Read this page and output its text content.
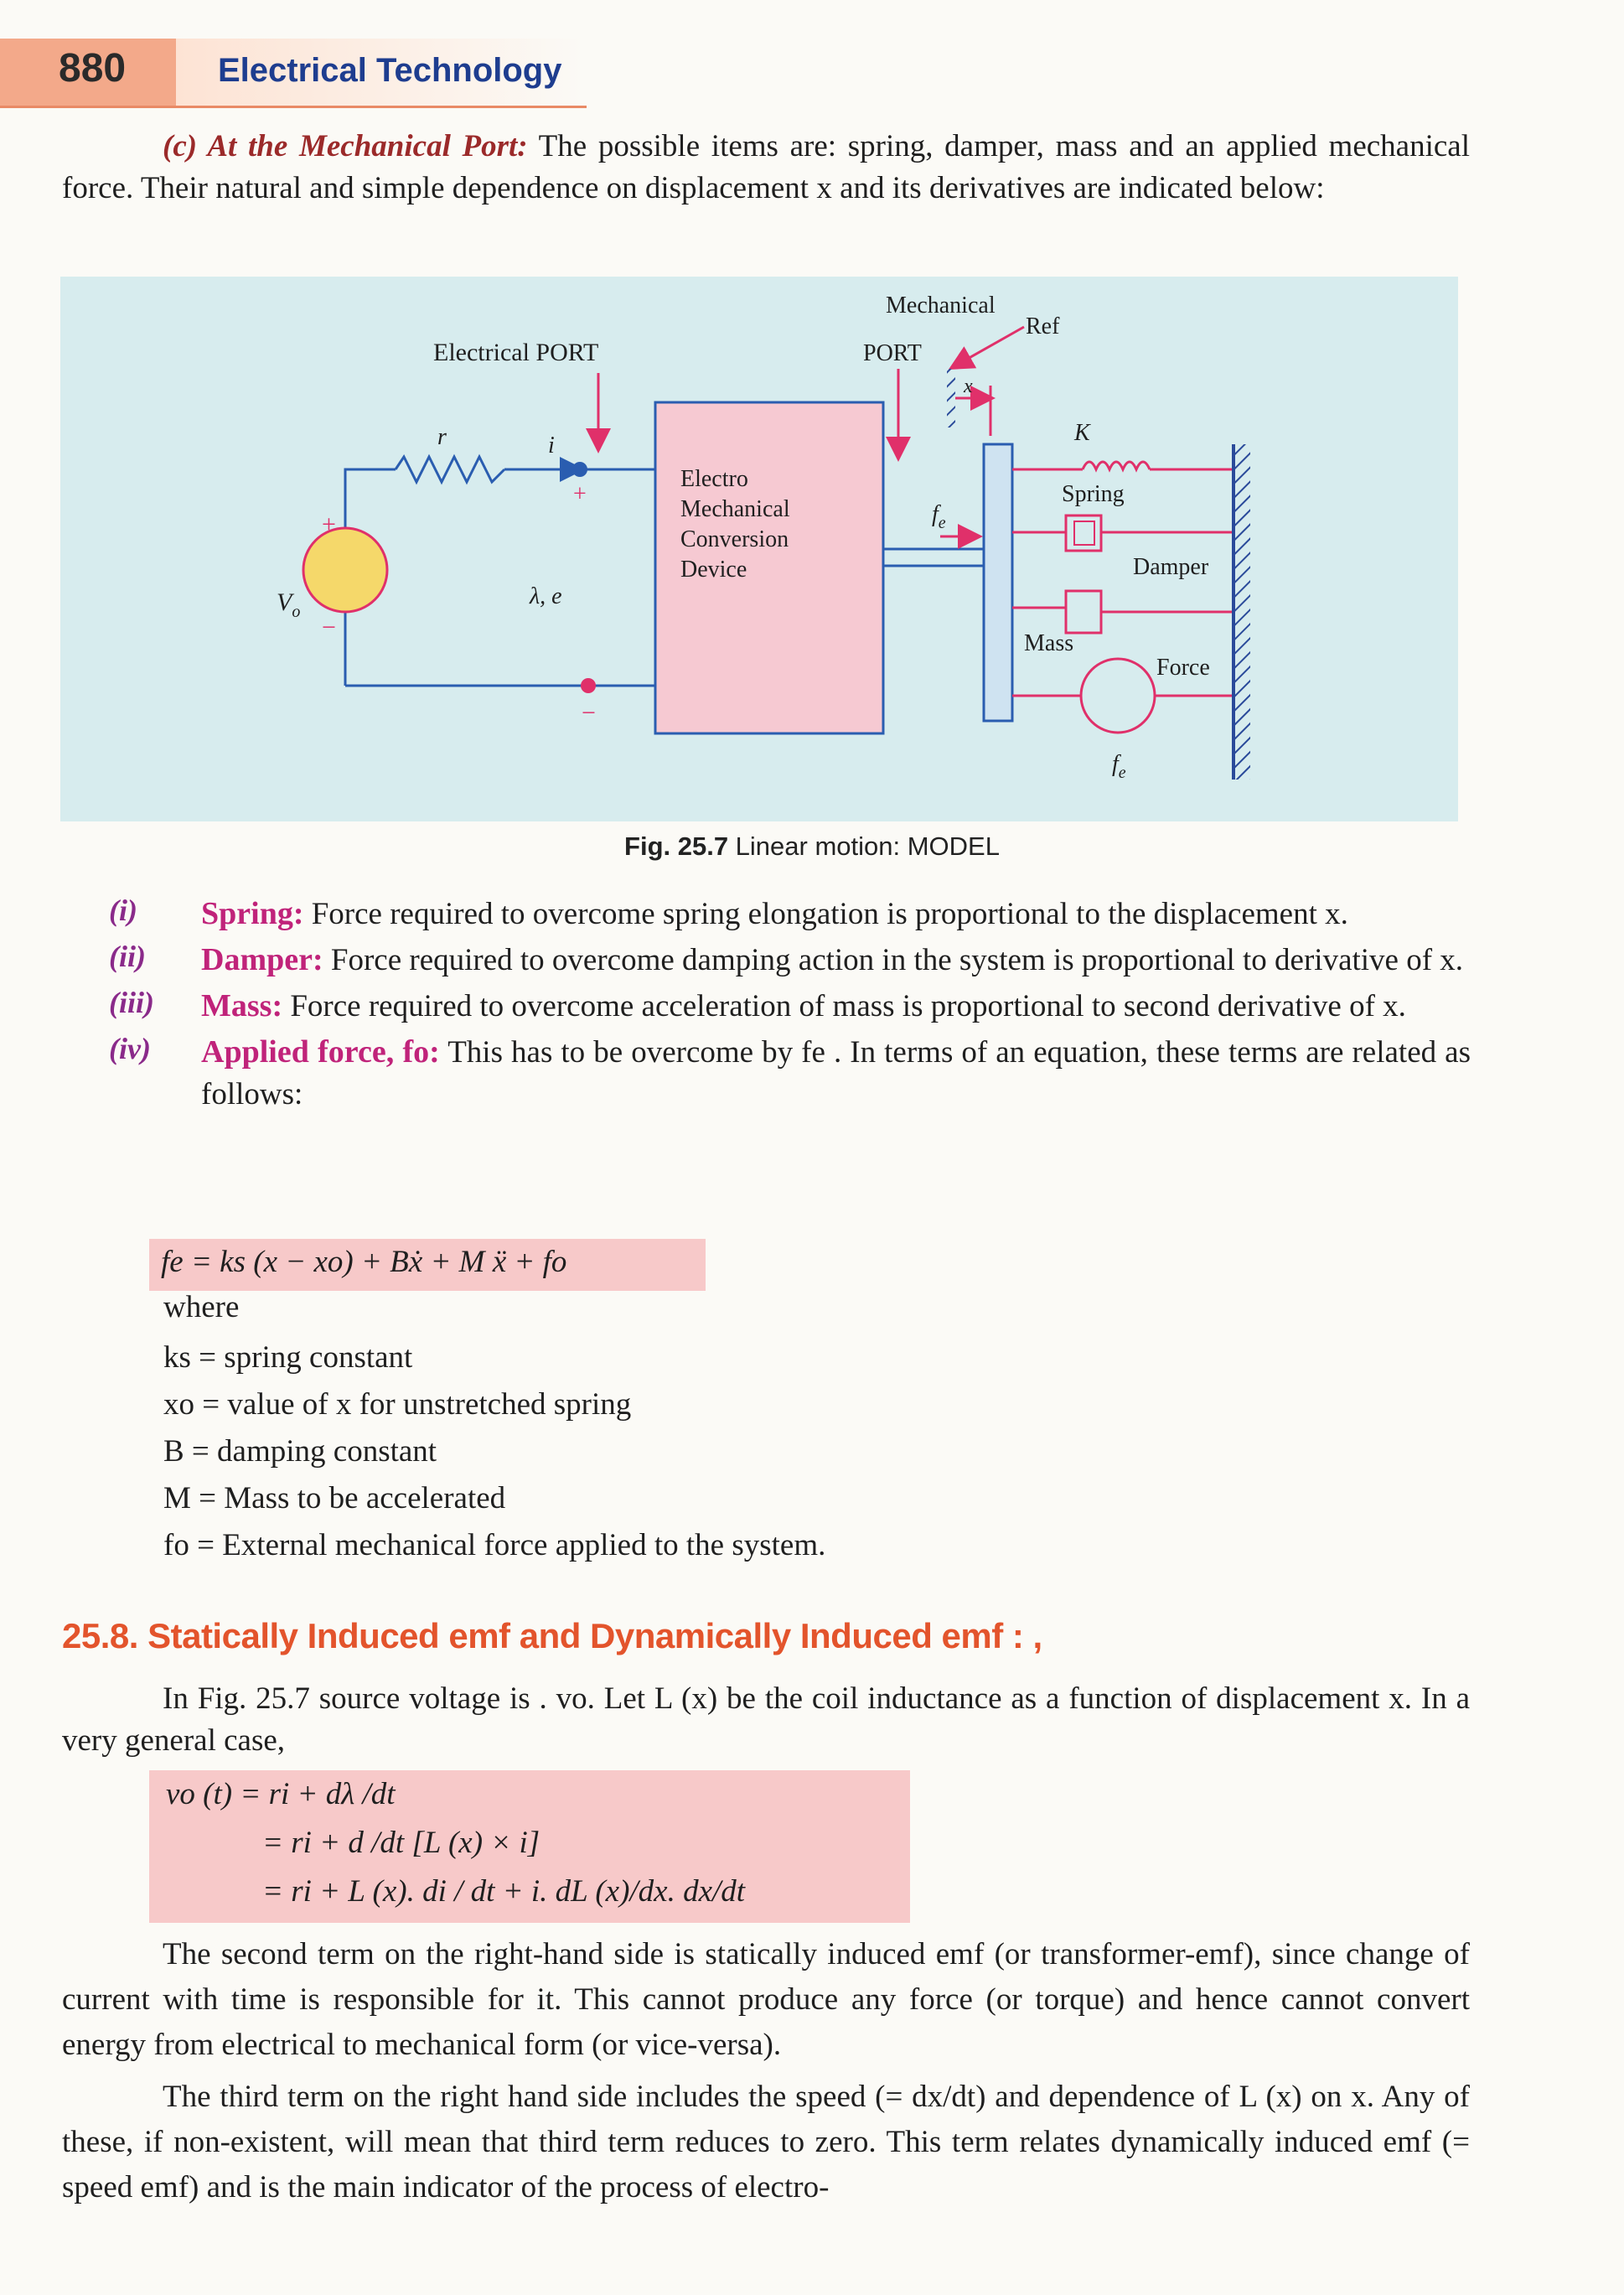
880	Electrical Technology
(c) At the Mechanical Port: The possible items are: spring, damper, mass and an applied mechanical force. Their natural and simple dependence on displacement x and its derivatives are indicated below:
r	i
+
+
−
−
$V_o$
λ, e
Electrical PORT
Electro
Mechanical
Conversion
Device
Mechanical
PORT
Ref
x
$f_e$
K
Spring
Damper
Mass
Force
$f_e$
Fig. 25.7 Linear motion: MODEL
(i)	Spring: Force required to overcome spring elongation is proportional to the displacement x.
(ii)	Damper: Force required to overcome damping action in the system is proportional to derivative of x.
(iii)	Mass: Force required to overcome acceleration of mass is proportional to second derivative of x.
(iv)	Applied force, fo: This has to be overcome by fe . In terms of an equation, these terms are related as follows:
fe = ks (x − xo) + Bẋ + M ẍ + fo
where
ks = spring constant
xo = value of x for unstretched spring
B = damping constant
M = Mass to be accelerated
fo = External mechanical force applied to the system.
25.8. Statically Induced emf and Dynamically Induced emf : ,
In Fig. 25.7 source voltage is . vo. Let L (x) be the coil inductance as a function of displacement x. In a very general case,
vo (t) = ri + dλ /dt
= ri + d /dt [L (x) × i]
= ri + L (x). di / dt + i. dL (x)/dx. dx/dt
The second term on the right-hand side is statically induced emf (or transformer-emf), since change of current with time is responsible for it. This cannot produce any force (or torque) and hence cannot convert energy from electrical to mechanical form (or vice-versa).
The third term on the right hand side includes the speed (= dx/dt) and dependence of L (x) on x. Any of these, if non-existent, will mean that third term reduces to zero. This term relates dynamically induced emf (= speed emf) and is the main indicator of the process of electro-
